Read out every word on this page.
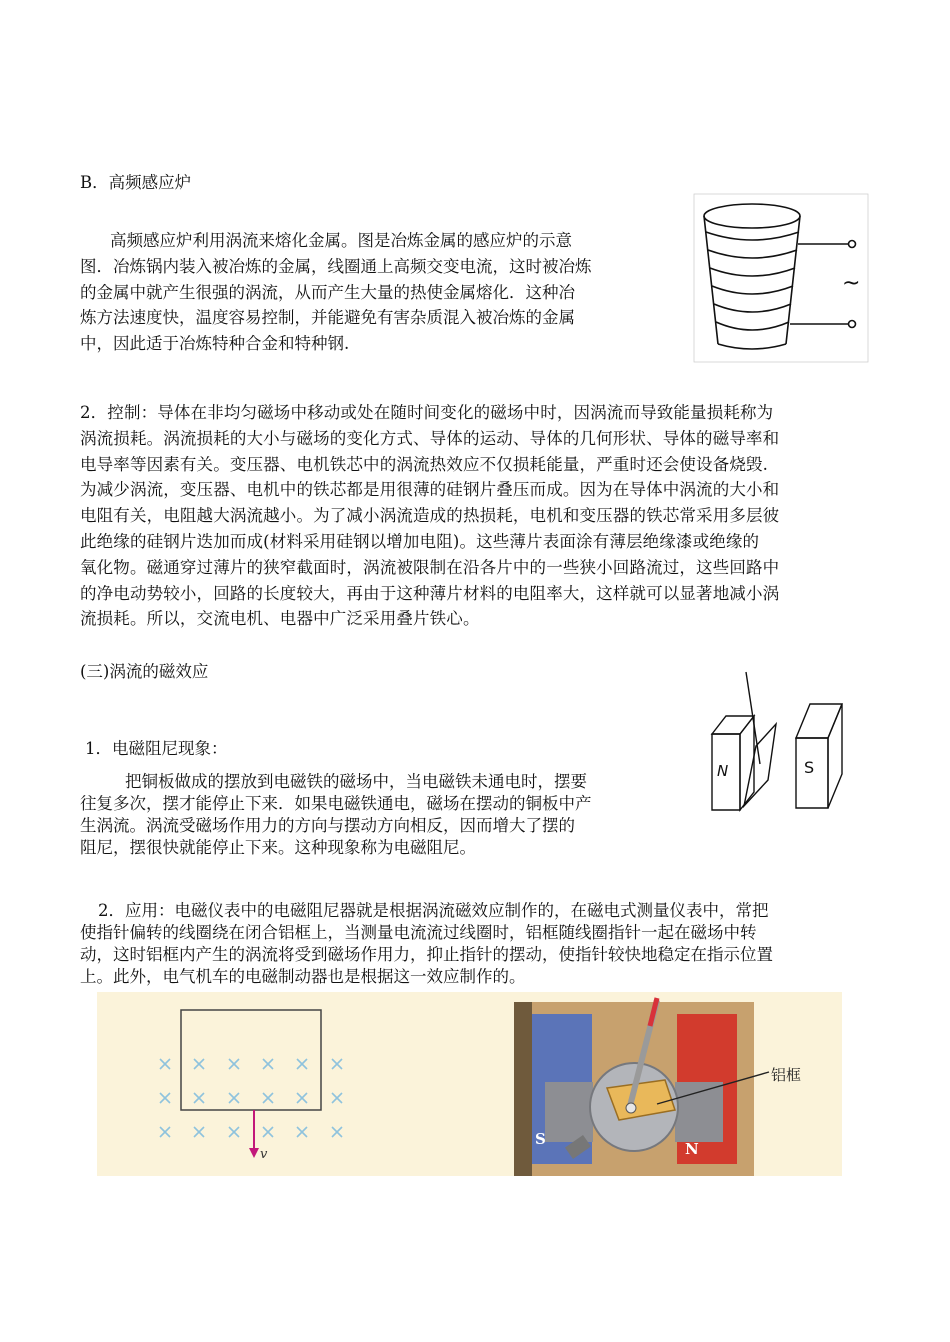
B．高频感应炉
高频感应炉利用涡流来熔化金属。图是冶炼金属的感应炉的示意
图．冶炼锅内装入被冶炼的金属，线圈通上高频交变电流，这时被冶炼
的金属中就产生很强的涡流，从而产生大量的热使金属熔化．这种冶
炼方法速度快，温度容易控制，并能避免有害杂质混入被冶炼的金属
中，因此适于冶炼特种合金和特种钢.
~
2．控制：导体在非均匀磁场中移动或处在随时间变化的磁场中时，因涡流而导致能量损耗称为
涡流损耗。涡流损耗的大小与磁场的变化方式、导体的运动、导体的几何形状、导体的磁导率和
电导率等因素有关。变压器、电机铁芯中的涡流热效应不仅损耗能量，严重时还会使设备烧毁.
为减少涡流，变压器、电机中的铁芯都是用很薄的硅钢片叠压而成。因为在导体中涡流的大小和
电阻有关，电阻越大涡流越小。为了减小涡流造成的热损耗，电机和变压器的铁芯常采用多层彼
此绝缘的硅钢片迭加而成(材料采用硅钢以增加电阻)。这些薄片表面涂有薄层绝缘漆或绝缘的
氧化物。磁通穿过薄片的狭窄截面时，涡流被限制在沿各片中的一些狭小回路流过，这些回路中
的净电动势较小，回路的长度较大，再由于这种薄片材料的电阻率大，这样就可以显著地减小涡
流损耗。所以，交流电机、电器中广泛采用叠片铁心。
(三)涡流的磁效应
1．电磁阻尼现象：
把铜板做成的摆放到电磁铁的磁场中，当电磁铁未通电时，摆要
往复多次，摆才能停止下来．如果电磁铁通电，磁场在摆动的铜板中产
生涡流。涡流受磁场作用力的方向与摆动方向相反，因而增大了摆的
阻尼，摆很快就能停止下来。这种现象称为电磁阻尼。
N	S
2．应用：电磁仪表中的电磁阻尼器就是根据涡流磁效应制作的，在磁电式测量仪表中，常把
使指针偏转的线圈绕在闭合铝框上，当测量电流流过线圈时，铝框随线圈指针一起在磁场中转
动，这时铝框内产生的涡流将受到磁场作用力，抑止指针的摆动，使指针较快地稳定在指示位置
上。此外，电气机车的电磁制动器也是根据这一效应制作的。
v
S
N
铝框
